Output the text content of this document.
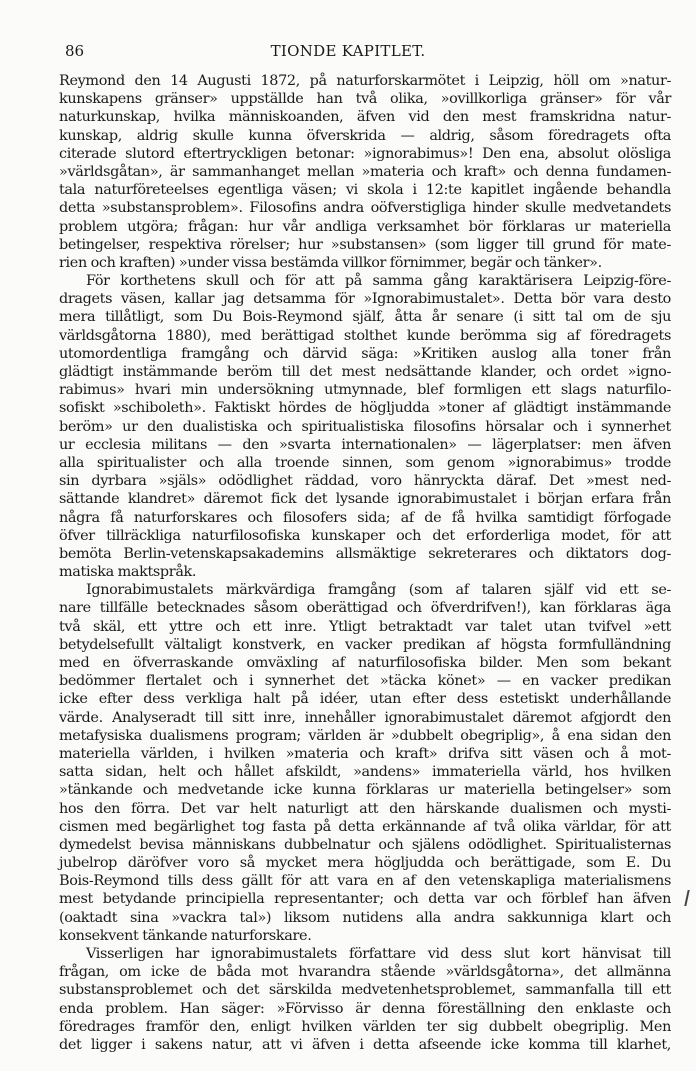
86	TIONDE KAPITLET.
Reymond den 14 Augusti 1872, på naturforskarmötet i Leipzig, höll om »natur-
kunskapens gränser» uppställde han två olika, »ovillkorliga gränser» för vår
naturkunskap, hvilka människoanden, äfven vid den mest framskridna natur-
kunskap, aldrig skulle kunna öfverskrida — aldrig, såsom föredragets ofta
citerade slutord eftertryckligen betonar: »ignorabimus»! Den ena, absolut olösliga
»världsgåtan», är sammanhanget mellan »materia och kraft» och denna fundamen-
tala naturföreteelses egentliga väsen; vi skola i 12:te kapitlet ingående behandla
detta »substansproblem». Filosofins andra oöfverstigliga hinder skulle medvetandets
problem utgöra; frågan: hur vår andliga verksamhet bör förklaras ur materiella
betingelser, respektiva rörelser; hur »substansen» (som ligger till grund för mate-
rien och kraften) »under vissa bestämda villkor förnimmer, begär och tänker».
För korthetens skull och för att på samma gång karaktärisera Leipzig-före-
dragets väsen, kallar jag detsamma för »Ignorabimustalet». Detta bör vara desto
mera tillåtligt, som Du Bois-Reymond själf, åtta år senare (i sitt tal om de sju
världsgåtorna 1880), med berättigad stolthet kunde berömma sig af föredragets
utomordentliga framgång och därvid säga: »Kritiken auslog alla toner från
glädtigt instämmande beröm till det mest nedsättande klander, och ordet »igno-
rabimus» hvari min undersökning utmynnade, blef formligen ett slags naturfilo-
sofiskt »schiboleth». Faktiskt hördes de högljudda »toner af glädtigt instämmande
beröm» ur den dualistiska och spiritualistiska filosofins hörsalar och i synnerhet
ur ecclesia militans — den »svarta internationalen» — lägerplatser: men äfven
alla spiritualister och alla troende sinnen, som genom »ignorabimus» trodde
sin dyrbara »själs» odödlighet räddad, voro hänryckta däraf. Det »mest ned-
sättande klandret» däremot fick det lysande ignorabimustalet i början erfara från
några få naturforskares och filosofers sida; af de få hvilka samtidigt förfogade
öfver tillräckliga naturfilosofiska kunskaper och det erforderliga modet, för att
bemöta Berlin-vetenskapsakademins allsmäktige sekreterares och diktators dog-
matiska maktspråk.
Ignorabimustalets märkvärdiga framgång (som af talaren själf vid ett se-
nare tillfälle betecknades såsom oberättigad och öfverdrifven!), kan förklaras äga
två skäl, ett yttre och ett inre. Ytligt betraktadt var talet utan tvifvel »ett
betydelsefullt vältaligt konstverk, en vacker predikan af högsta formfulländning
med en öfverraskande omväxling af naturfilosofiska bilder. Men som bekant
bedömmer flertalet och i synnerhet det »täcka könet» — en vacker predikan
icke efter dess verkliga halt på idéer, utan efter dess estetiskt underhållande
värde. Analyseradt till sitt inre, innehåller ignorabimustalet däremot afgjordt den
metafysiska dualismens program; världen är »dubbelt obegriplig», å ena sidan den
materiella världen, i hvilken »materia och kraft» drifva sitt väsen och å mot-
satta sidan, helt och hållet afskildt, »andens» immateriella värld, hos hvilken
»tänkande och medvetande icke kunna förklaras ur materiella betingelser» som
hos den förra. Det var helt naturligt att den härskande dualismen och mysti-
cismen med begärlighet tog fasta på detta erkännande af två olika världar, för att
dymedelst bevisa människans dubbelnatur och själens odödlighet. Spiritualisternas
jubelrop däröfver voro så mycket mera högljudda och berättigade, som E. Du
Bois-Reymond tills dess gällt för att vara en af den vetenskapliga materialismens
mest betydande principiella representanter; och detta var och förblef han äfven
(oaktadt sina »vackra tal») liksom nutidens alla andra sakkunniga klart och
konsekvent tänkande naturforskare.
Visserligen har ignorabimustalets författare vid dess slut kort hänvisat till
frågan, om icke de båda mot hvarandra stående »världsgåtorna», det allmänna
substansproblemet och det särskilda medvetenhetsproblemet, sammanfalla till ett
enda problem. Han säger: »Förvisso är denna föreställning den enklaste och
föredrages framför den, enligt hvilken världen ter sig dubbelt obegriplig. Men
det ligger i sakens natur, att vi äfven i detta afseende icke komma till klarhet,
